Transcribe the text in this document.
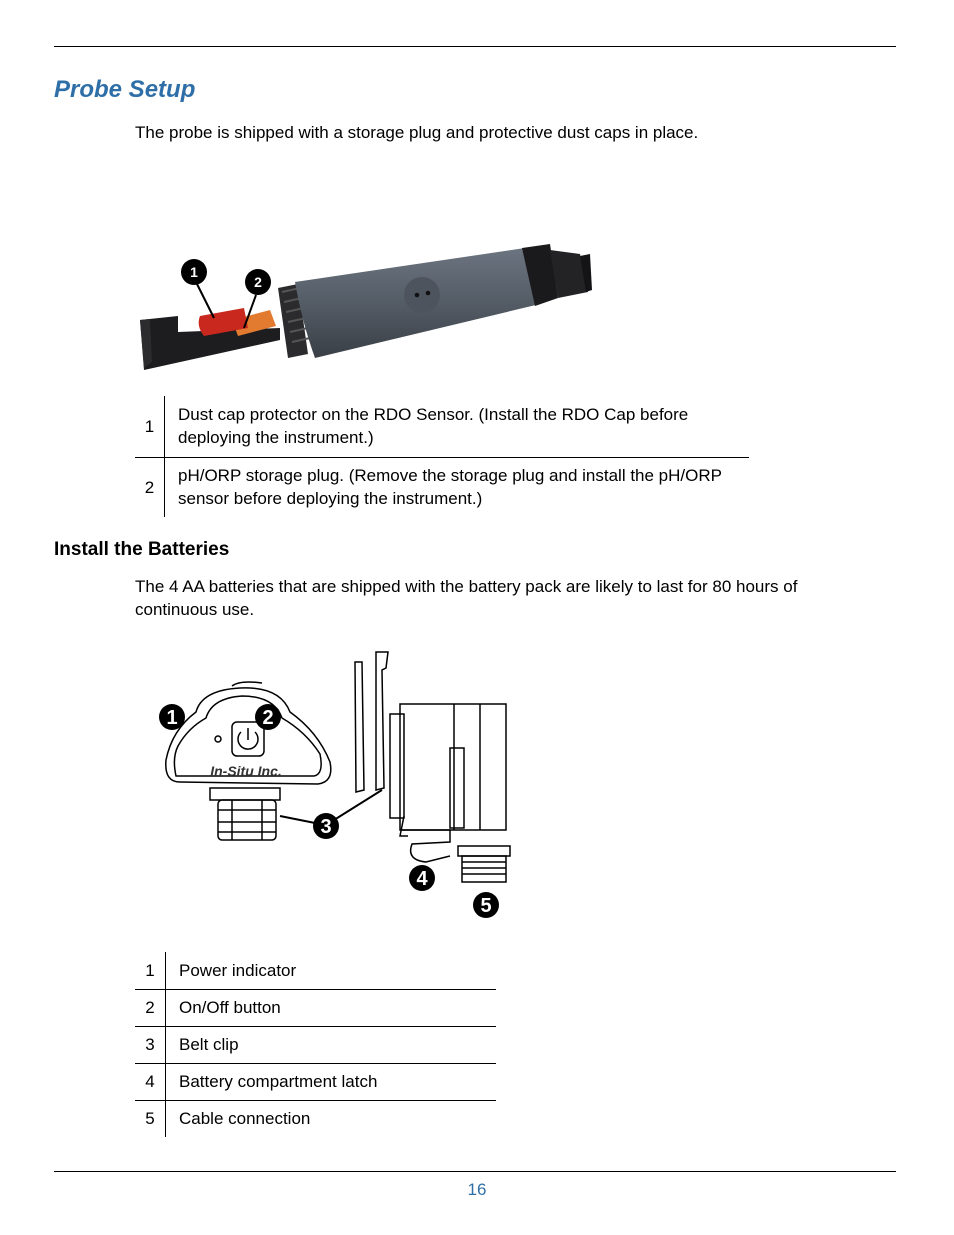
Probe Setup

The probe is shipped with a storage plug and protective dust caps in place.

1
2
1	Dust cap protector on the RDO Sensor. (Install the RDO Cap before deploying the instrument.)
2	pH/ORP storage plug. (Remove the storage plug and install the pH/ORP sensor before deploying the instrument.)
Install the Batteries

The 4 AA batteries that are shipped with the battery pack are likely to last for 80 hours of continuous use.

In-Situ Inc.
1	2
3
4
5
1	Power indicator
2	On/Off button
3	Belt clip
4	Battery compartment latch
5	Cable connection
16
